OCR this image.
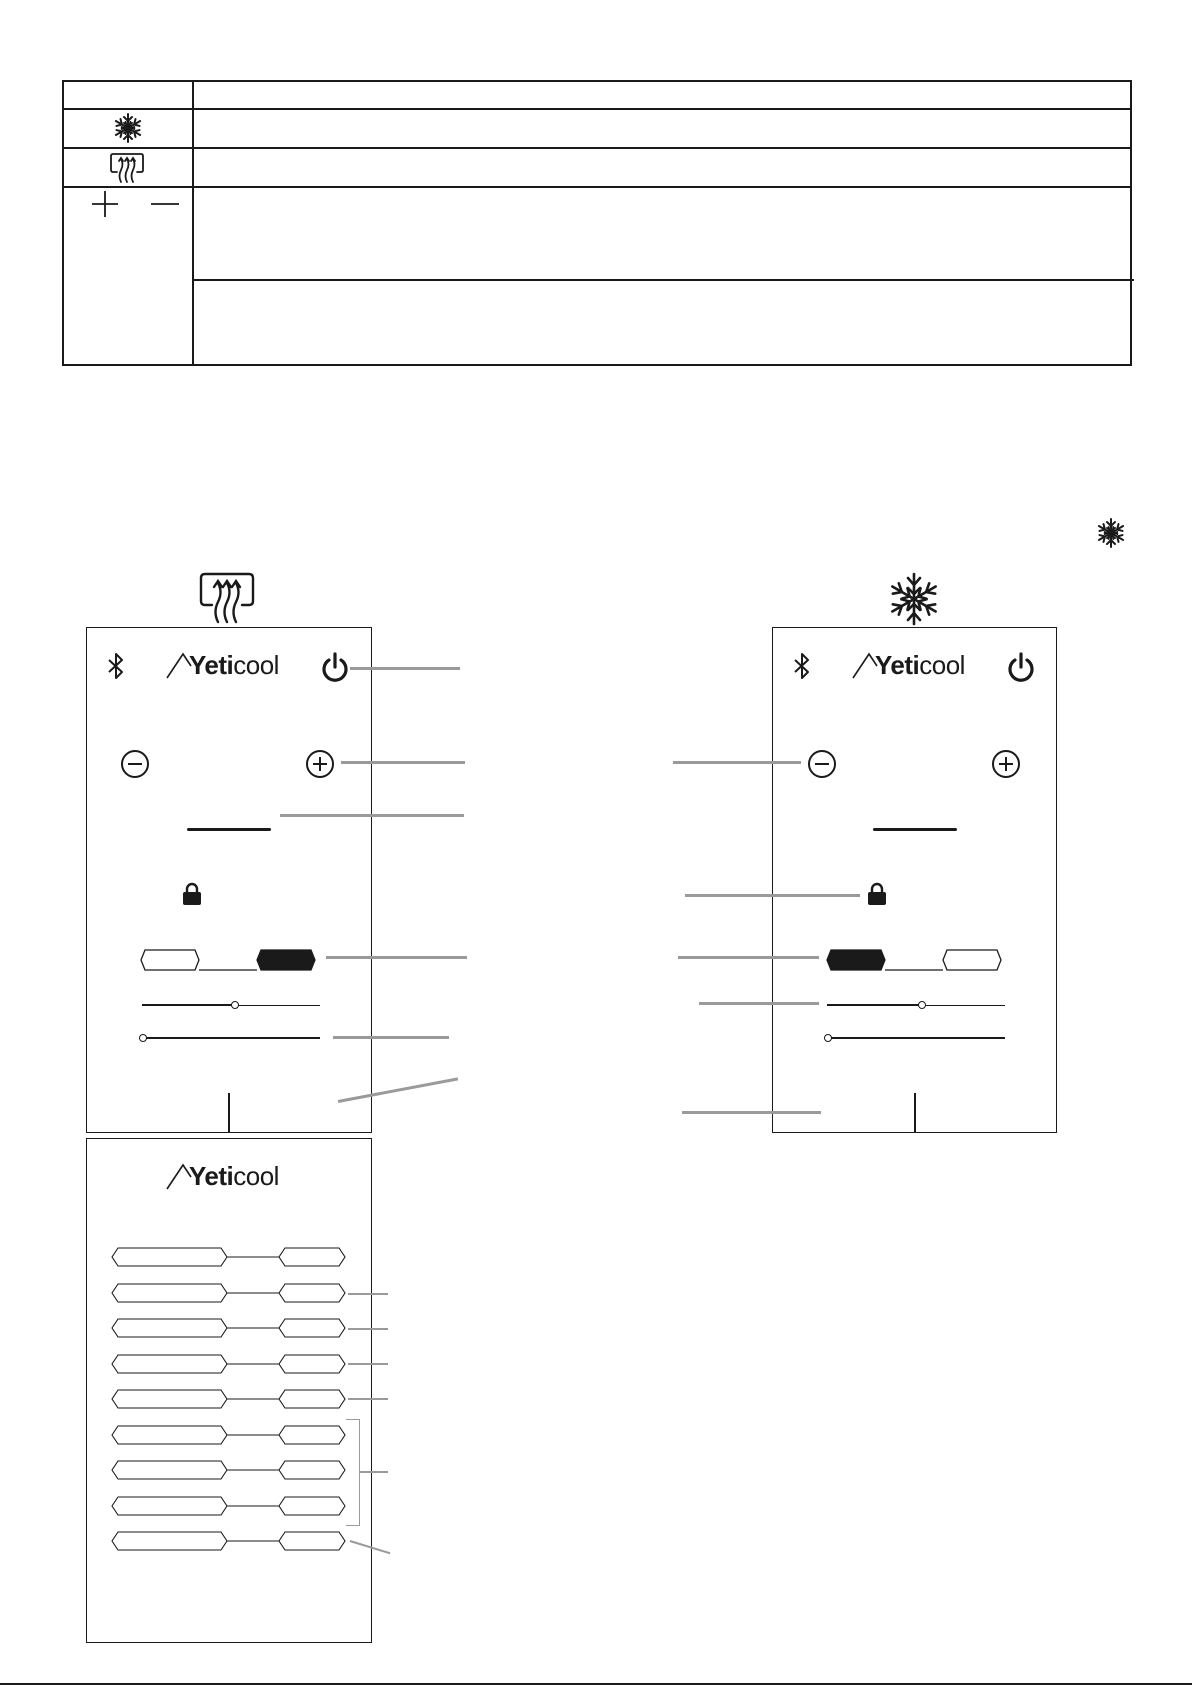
Yeticool	Yeticool
Yeticool
